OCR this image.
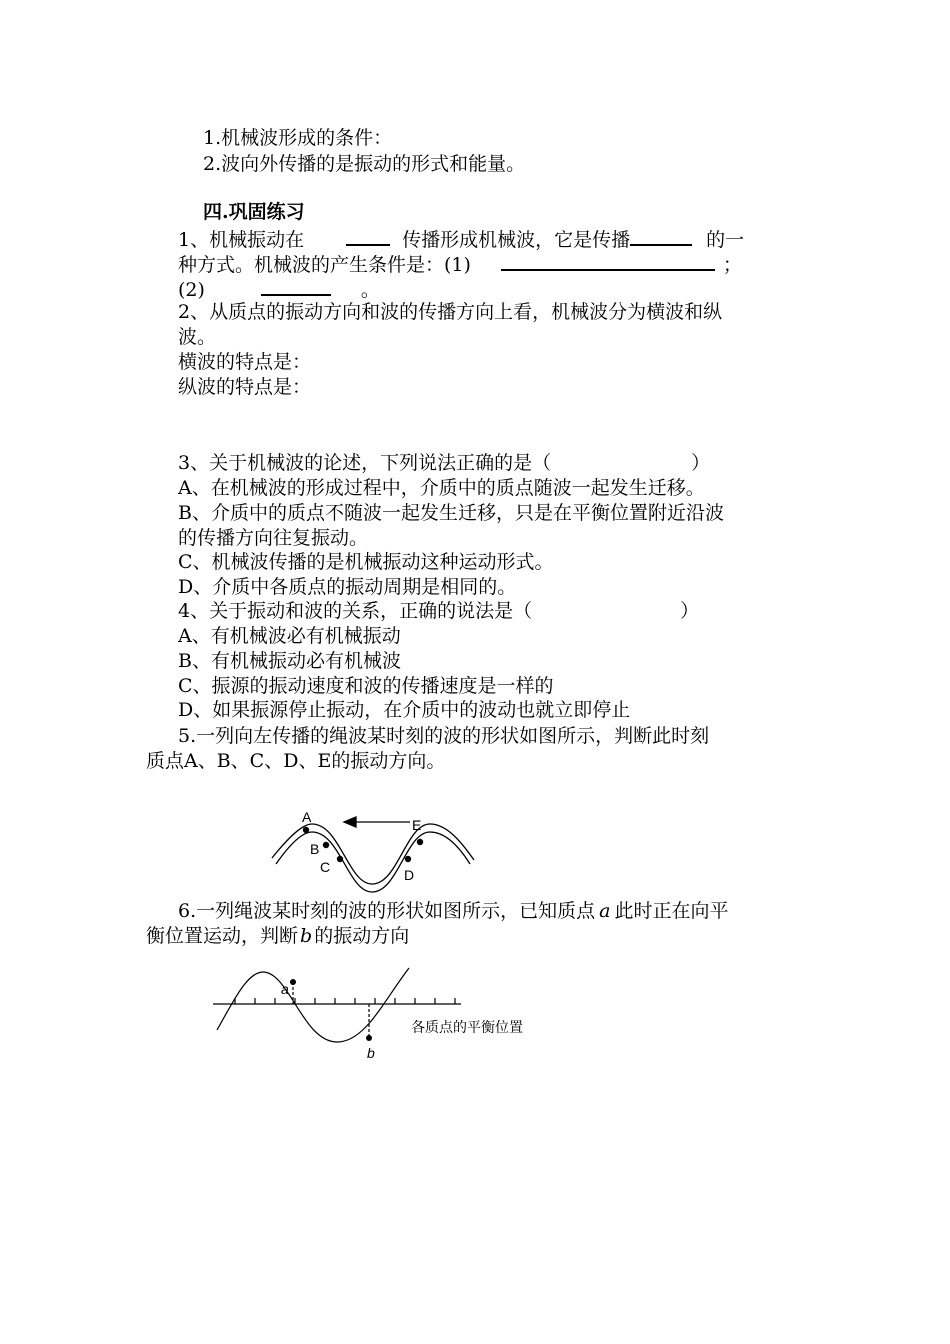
1.机械波形成的条件：
2.波向外传播的是振动的形式和能量。
四.巩固练习
1、机械振动在	传播形成机械波，它是传播	的一
种方式。机械波的产生条件是：(1)	；
(2)	。
2、从质点的振动方向和波的传播方向上看，机械波分为横波和纵
波。
横波的特点是：
纵波的特点是：
3、关于机械波的论述，下列说法正确的是（	）
A、在机械波的形成过程中，介质中的质点随波一起发生迁移。
B、介质中的质点不随波一起发生迁移，只是在平衡位置附近沿波
的传播方向往复振动。
C、机械波传播的是机械振动这种运动形式。
D、介质中各质点的振动周期是相同的。
4、关于振动和波的关系，正确的说法是（	）
A、有机械波必有机械振动
B、有机械振动必有机械波
C、振源的振动速度和波的传播速度是一样的
D、如果振源停止振动，在介质中的波动也就立即停止
5.一列向左传播的绳波某时刻的波的形状如图所示，判断此时刻
质点A、B、C、D、E的振动方向。
A
B
C	D
E
6.一列绳波某时刻的波的形状如图所示，已知质点 a 此时正在向平
衡位置运动，判断 b 的振动方向
a
b
各质点的平衡位置
